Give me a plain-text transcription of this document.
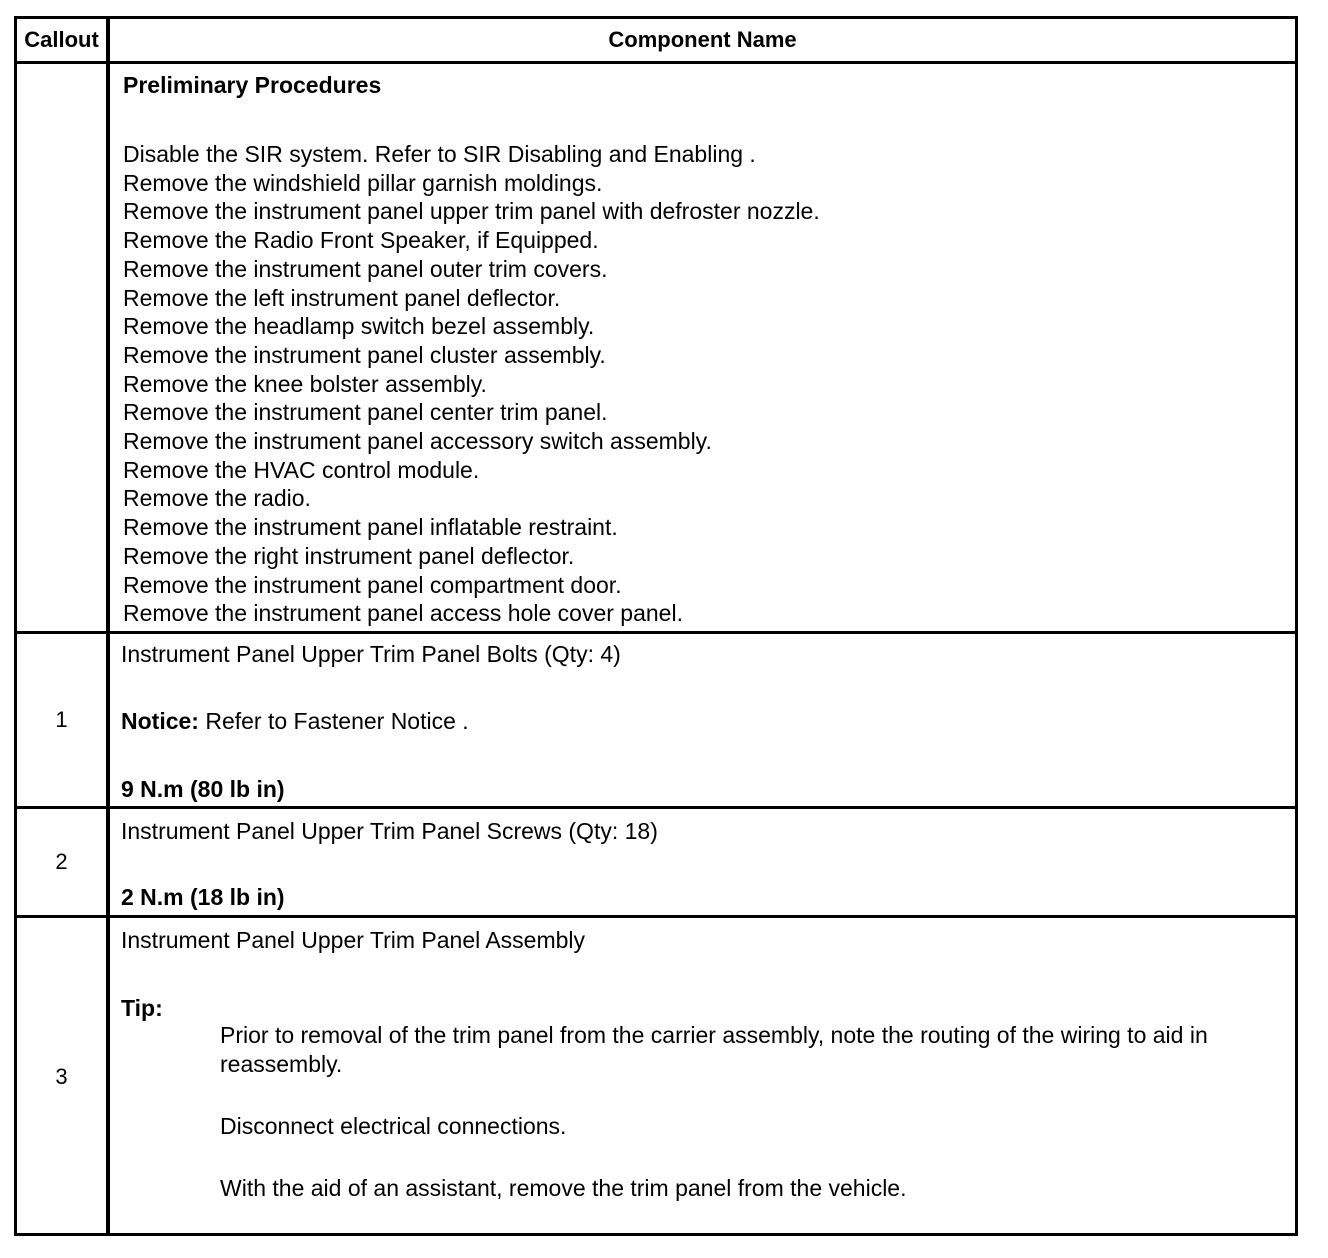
Callout	Component Name
Preliminary Procedures
Disable the SIR system. Refer to SIR Disabling and Enabling .
Remove the windshield pillar garnish moldings.
Remove the instrument panel upper trim panel with defroster nozzle.
Remove the Radio Front Speaker, if Equipped.
Remove the instrument panel outer trim covers.
Remove the left instrument panel deflector.
Remove the headlamp switch bezel assembly.
Remove the instrument panel cluster assembly.
Remove the knee bolster assembly.
Remove the instrument panel center trim panel.
Remove the instrument panel accessory switch assembly.
Remove the HVAC control module.
Remove the radio.
Remove the instrument panel inflatable restraint.
Remove the right instrument panel deflector.
Remove the instrument panel compartment door.
Remove the instrument panel access hole cover panel.
1
Instrument Panel Upper Trim Panel Bolts (Qty: 4)
Notice: Refer to Fastener Notice .
9 N.m (80 lb in)
2
Instrument Panel Upper Trim Panel Screws (Qty: 18)
2 N.m (18 lb in)
3
Instrument Panel Upper Trim Panel Assembly
Tip:
Prior to removal of the trim panel from the carrier assembly, note the routing of the wiring to aid in reassembly.
Disconnect electrical connections.
With the aid of an assistant, remove the trim panel from the vehicle.
